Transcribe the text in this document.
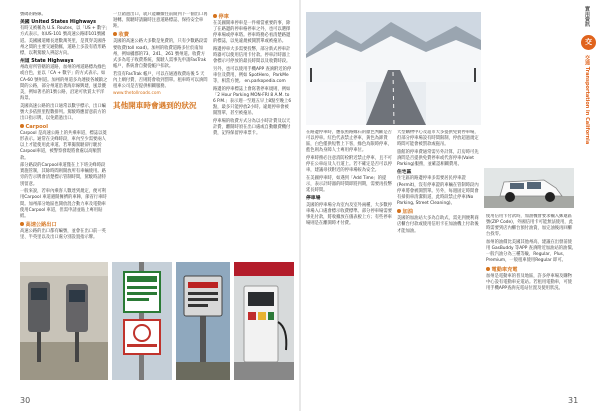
號碼的路線。

美國 United States Highways

有時又被稱為 U.S. Routes，以「US + 數字」方式表示。如US-101 號高速公路即101號國道。美國國道總長達數萬英里，是貫穿美國各州之間的主要交通動脈，道路上多設有盾形路標，以利駕駛人辨認方向。

州道 State Highways

州政府所管轄的道路，加州的州道路標為綠色或白色，並以「CA + 數字」的方式表示。如CA-60 號州道。加州的州道多為連接各城鎮之間的公路，部分州道沿著海岸線興建，風景優美，例如著名的1號公路，沿途可欣賞太平洋海景。

美國高速公路的出口通常以數字標示，出口編號大多依照里程數排列。駕駛時應留意前方的出口指示牌，以免錯過出口。

Carpool

Carpool 是高速公路上的共乘車道，標誌以菱形表示。通常在尖峰時段，車內至少需要兩人以上才能使用此車道。若單獨駕駛卻行駛於Carpool車道，被警察發現將會處以高額罰款。

部分路段的Carpool車道僅在上下班尖峰時段實施管制，其餘時間則開放所有車輛使用。路旁的告示牌會清楚標示管制時間，駕駛時請特別留意。

一般來說，若車內乘客人數達到規定，便可利用Carpool 車道避開擁擠的車陣，節省行車時間。加州部分地區也開放混合動力車及電動車使用Carpool 車道，但需申請並貼上專用貼紙。

高速公路出口

高速公路的出口都有編號，並會在出口前一英里、半英里以及出口處分別設置指示牌。

一旦錯過出口，就只能繼續往前開到下一個出口再迴轉。駕駛時請隨時注意道路標誌，保持安全車距。

收費

美國的高速公路大多數是免費的，只有少數路段需要收費(toll road)。加州的收費道路多位於南加州，例如橘郡的73、241、261 號州道。收費方式多為電子收費系統，駕駛人需事先申請FasTrak 帳戶，系統會自動從帳戶扣款。

若沒有FasTrak 帳戶，可以在通過收費站後 5 天內上網付費，否則將會收到罰單。租車時可以詢問租車公司是否提供相關服務。

www.thetollroads.com
其他開車時會遇到的狀況
停車

在美國開車停車是一件相當重要的事，除了在路邊的停車格停車之外，也可以選擇停車場或停車塔。停車時務必看清楚路邊的標誌，以免違規被開罰單或被拖吊。

路邊停車大多需要投幣，部分新式停車計時器可以使用信用卡付款。停車計時器上會標示可停放的最長時間以及收費時段。

另外，也可以使用手機APP 查詢附近的停車位及費用，例如 SpotHero、ParkMe 等，相當方便。 en.parkopedia.com

路邊的停車標誌上會寫著停車規則，例如「2 Hour Parking MON-FRI 8 A.M. to 6 P.M.」表示週一至週五早上8點至晚上6點，最多只能停放2小時。違規停車會被開罰單，甚至被拖吊。

停車場的收費方式分為以小時計費及以天計費，離開時須在出口處或自動繳費機付費，記得保留停車票卡。	在路邊停車時，應依照路緣石的顏色判斷是否可以停車。紅色代表禁止停車，黃色為卸貨區，白色僅供短暫上下客，綠色為限時停車，藍色則為身障人士專用停車位。

停車時務必注意消防栓附近禁止停車，且不可停在公車站及人行道上。若不確定是否可以停車，建議尋找附近的停車場較為安全。

在美國停車時，如遇到「Add Time」的提示，表示計時器的時間即將到期，需要再投幣延長時間。

停車場

美國的停車場分為室內及室外兩種，大多數停車場入口處會標示收費標準。部分停車場需要事先付款，將收據放在儀表板上方；有些停車場則是在離開時才付費。

大型購物中心及超市大多提供免費停車場，但部分停車場設有時間限制，停放超過規定時間可能會被罰款或拖吊。

旅館的停車費通常需另外計算，訂房時可先詢問是否提供免費停車或代客停車(Valet Parking)服務，並確認相關費用。

住宅區

住宅區的路邊停車多需要居民停車證(Permit)，沒有停車證的車輛在管制時段內停車將會被開罰單。另外，每週固定時間會有掃街車清潔街道，此時段禁止停車(No Parking, Street Cleaning)。

加油

美國的加油站大多為自助式，需先到便利商店櫃台付款或使用信用卡在加油機上付款後才能加油。

使用信用卡付款時，加油機會要求輸入郵遞區號(ZIP Code)，外國信用卡可能無法使用，此時需要到店內櫃台預付油資，加完油後再回櫃台找零。

加州的油價比美國其他州高，建議在出發前使用 GasBuddy 等APP 查詢附近加油站的油價。一般汽油分為三種等級，Regular、Plus、Premium，一般租車使用Regular 即可。

電動車充電

加州是電動車的普及地區，許多停車場及購物中心設有電動車充電站。若租用電動車，可使用手機APP查詢充電站位置及使用狀況。

實用資訊
交
交通 Transportation in California
30	31
